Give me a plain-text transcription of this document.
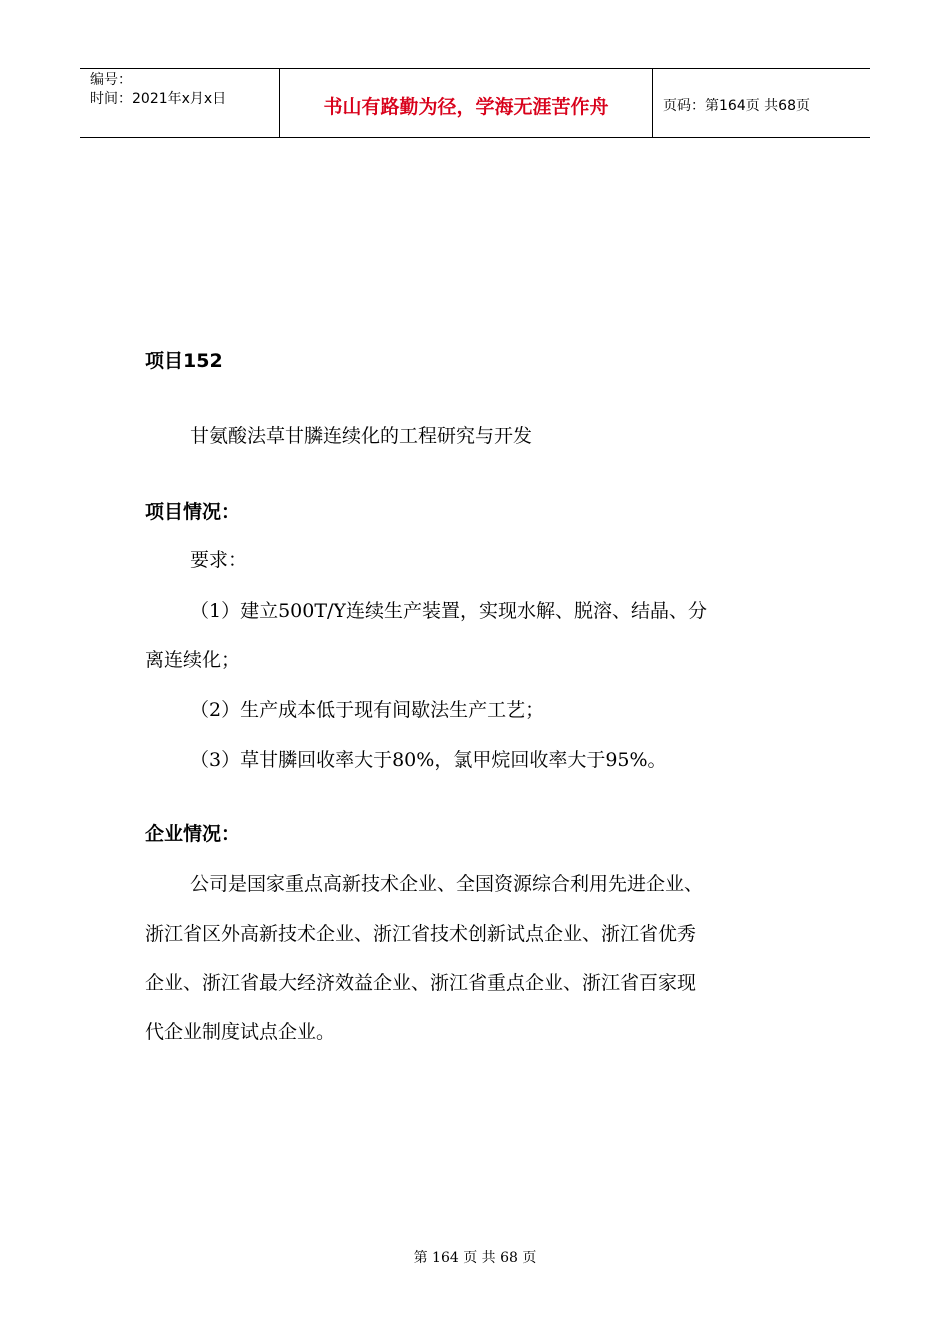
编号：
时间：2021年x月x日	书山有路勤为径，学海无涯苦作舟	页码：第164页 共68页
项目152
甘氨酸法草甘膦连续化的工程研究与开发
项目情况：
要求：
（1）建立500T/Y连续生产装置，实现水解、脱溶、结晶、分
离连续化；
（2）生产成本低于现有间歇法生产工艺；
（3）草甘膦回收率大于80%，氯甲烷回收率大于95%。
企业情况：
公司是国家重点高新技术企业、全国资源综合利用先进企业、
浙江省区外高新技术企业、浙江省技术创新试点企业、浙江省优秀
企业、浙江省最大经济效益企业、浙江省重点企业、浙江省百家现
代企业制度试点企业。
第 164 页 共 68 页
